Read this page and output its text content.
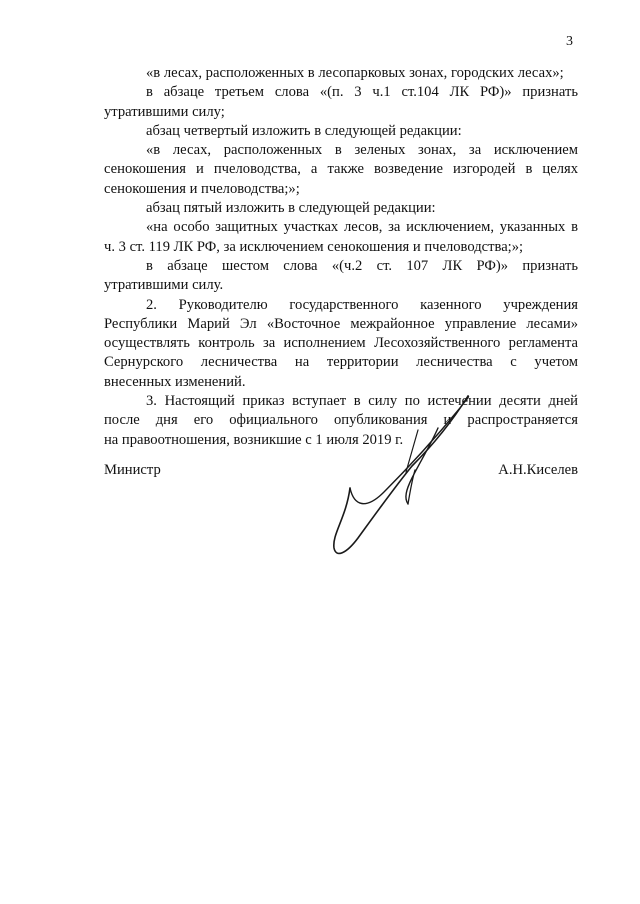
3
«в лесах, расположенных в лесопарковых зонах, городских лесах»;
в абзаце третьем слова «(п. 3 ч.1 ст.104 ЛК РФ)» признать
утратившими силу;
абзац четвертый изложить в следующей редакции:
«в лесах, расположенных в зеленых зонах, за исключением
сенокошения и пчеловодства, а также возведение изгородей в целях
сенокошения и пчеловодства;»;
абзац пятый изложить в следующей редакции:
«на особо защитных участках лесов, за исключением, указанных в
ч. 3 ст. 119 ЛК РФ, за исключением сенокошения и пчеловодства;»;
в абзаце шестом слова «(ч.2 ст. 107 ЛК РФ)» признать
утратившими силу.
2. Руководителю государственного казенного учреждения
Республики Марий Эл «Восточное межрайонное управление лесами»
осуществлять контроль за исполнением Лесохозяйственного регламента
Сернурского лесничества на территории лесничества с учетом
внесенных изменений.
3. Настоящий приказ вступает в силу по истечении десяти дней
после дня его официального опубликования и распространяется
на правоотношения, возникшие с 1 июля 2019 г.
Министр	А.Н.Киселев
